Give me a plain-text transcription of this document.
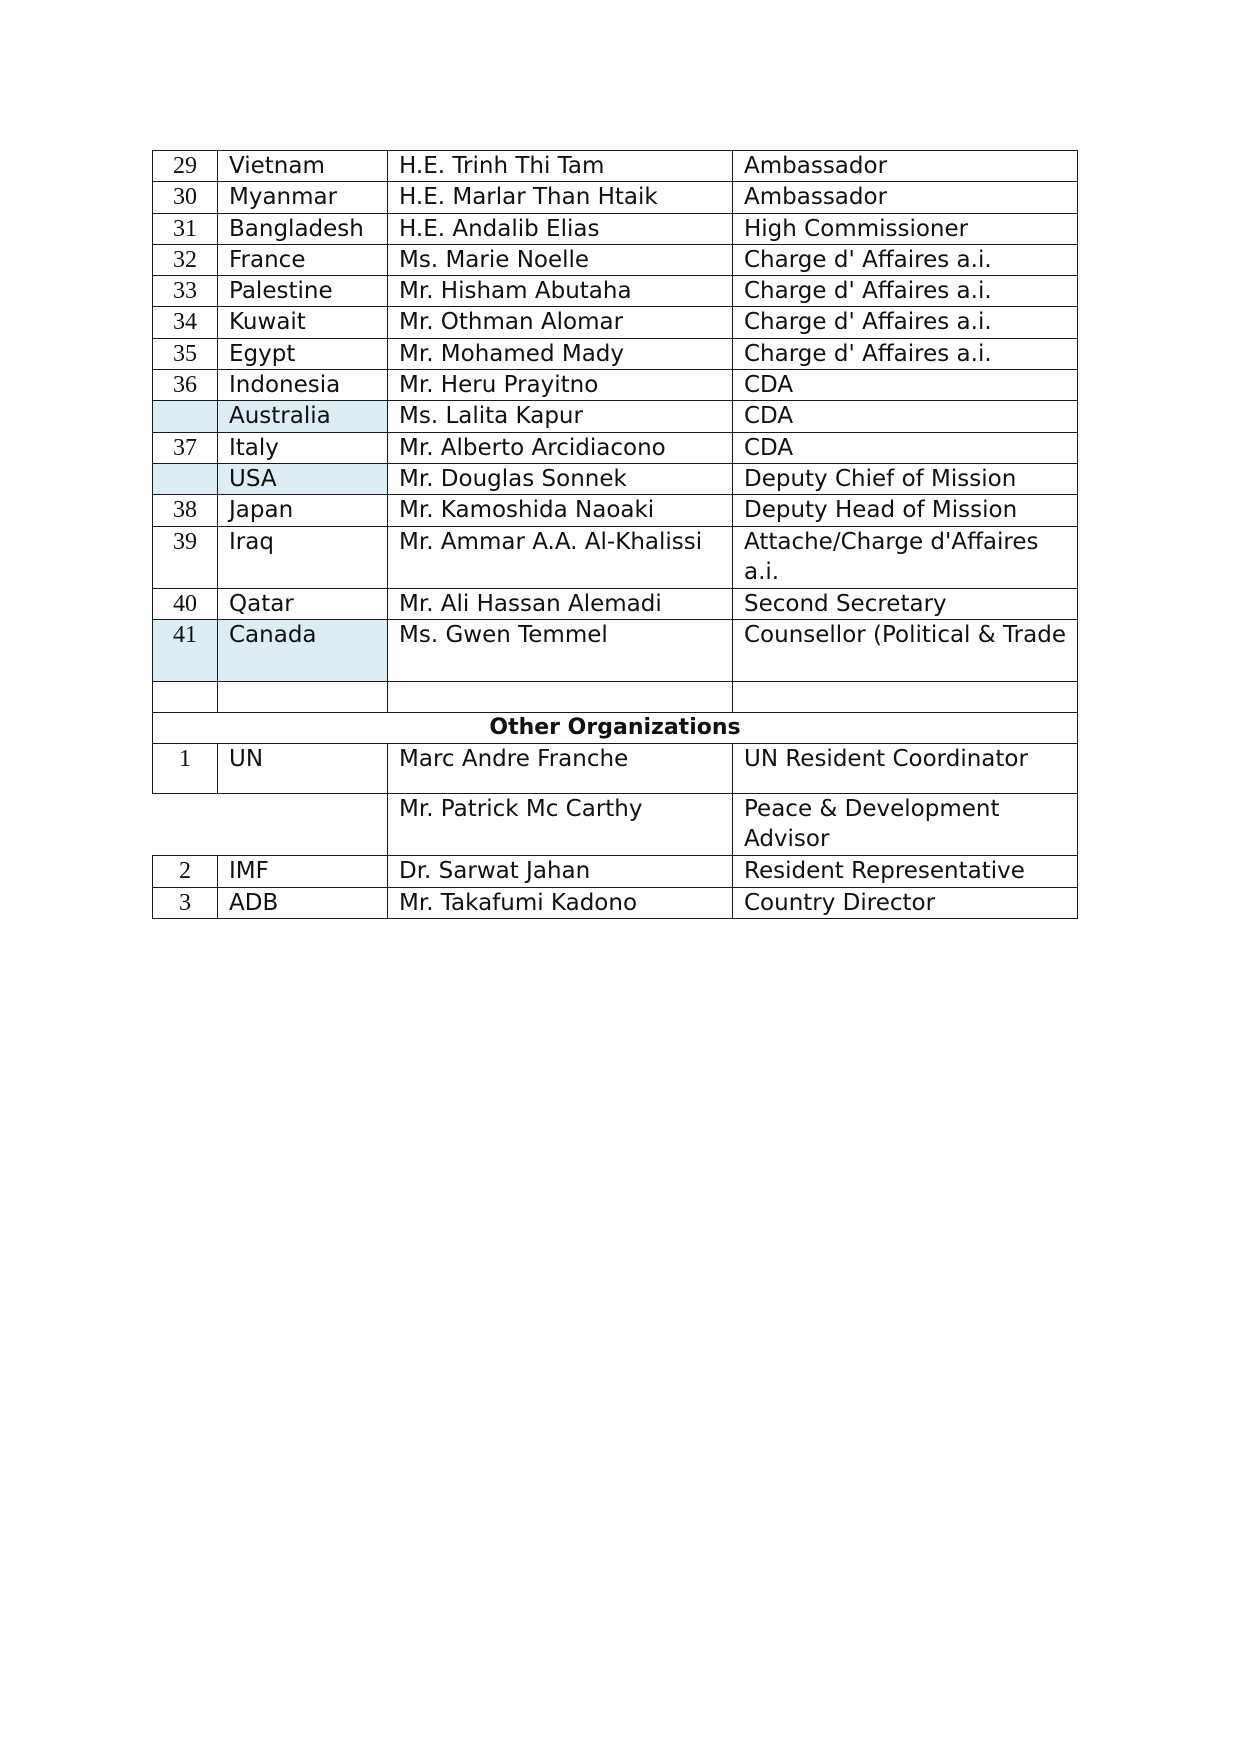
29	Vietnam	H.E. Trinh Thi Tam	Ambassador
30	Myanmar	H.E. Marlar Than Htaik	Ambassador
31	Bangladesh	H.E. Andalib Elias	High Commissioner
32	France	Ms. Marie Noelle	Charge d' Affaires a.i.
33	Palestine	Mr. Hisham Abutaha	Charge d' Affaires a.i.
34	Kuwait	Mr. Othman Alomar	Charge d' Affaires a.i.
35	Egypt	Mr. Mohamed Mady	Charge d' Affaires a.i.
36	Indonesia	Mr. Heru Prayitno	CDA
	Australia	Ms. Lalita Kapur	CDA
37	Italy	Mr. Alberto Arcidiacono	CDA
	USA	Mr. Douglas Sonnek	Deputy Chief of Mission
38	Japan	Mr. Kamoshida Naoaki	Deputy Head of Mission
39	Iraq	Mr. Ammar A.A. Al-Khalissi	Attache/Charge d'Affaires a.i.
40	Qatar	Mr. Ali Hassan Alemadi	Second Secretary
41	Canada	Ms. Gwen Temmel	Counsellor (Political & Trade

Other Organizations			
1	UN	Marc Andre Franche	UN Resident Coordinator
		Mr. Patrick Mc Carthy	Peace & Development Advisor
2	IMF	Dr. Sarwat Jahan	Resident Representative
3	ADB	Mr. Takafumi Kadono	Country Director
